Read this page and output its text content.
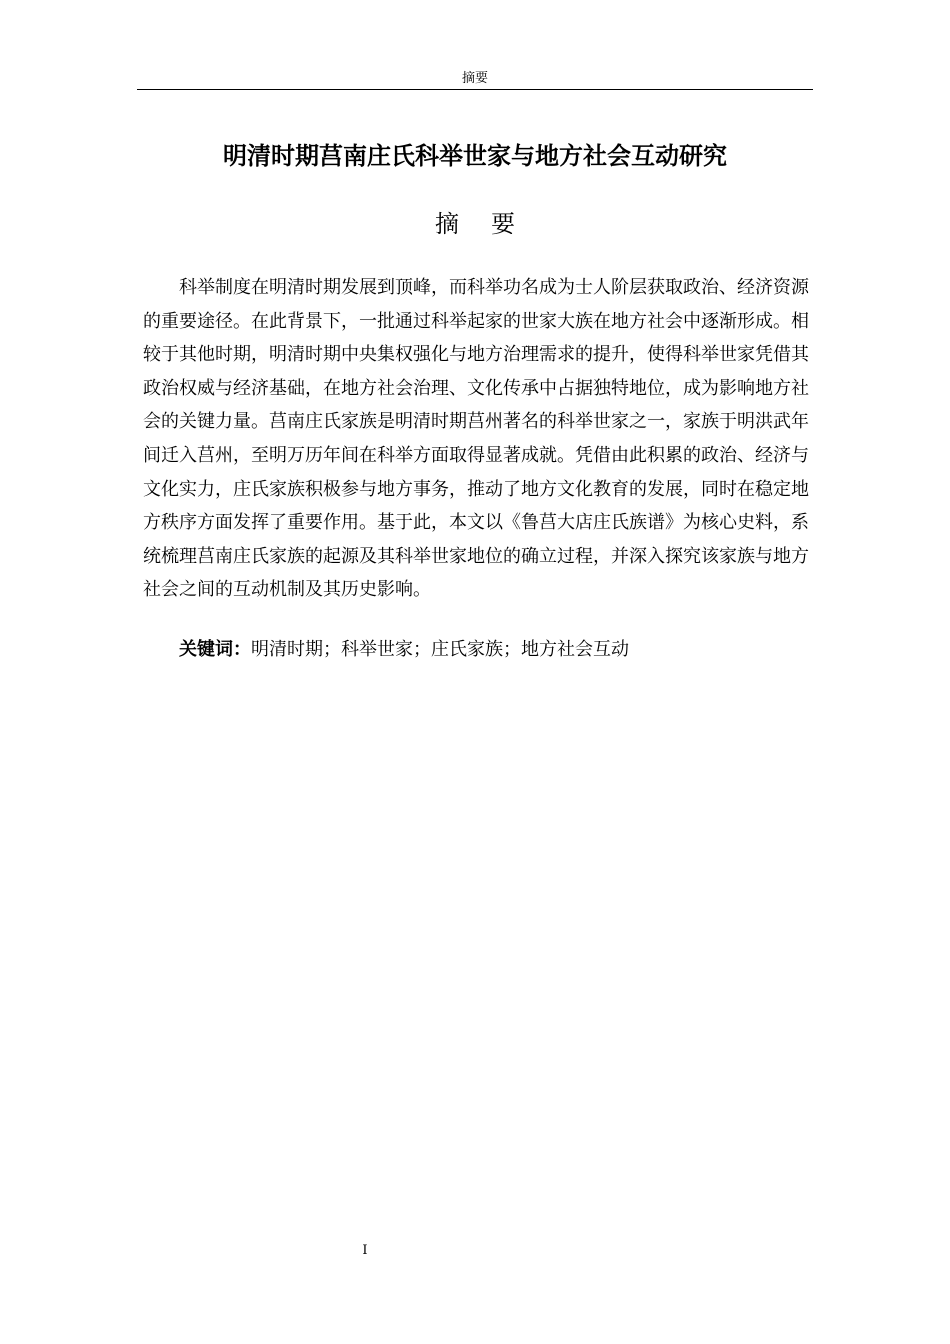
摘要
明清时期莒南庄氏科举世家与地方社会互动研究
摘 要
科举制度在明清时期发展到顶峰，而科举功名成为士人阶层获取政治、经济资源的重要途径。在此背景下，一批通过科举起家的世家大族在地方社会中逐渐形成。相较于其他时期，明清时期中央集权强化与地方治理需求的提升，使得科举世家凭借其政治权威与经济基础，在地方社会治理、文化传承中占据独特地位，成为影响地方社会的关键力量。莒南庄氏家族是明清时期莒州著名的科举世家之一，家族于明洪武年间迁入莒州，至明万历年间在科举方面取得显著成就。凭借由此积累的政治、经济与文化实力，庄氏家族积极参与地方事务，推动了地方文化教育的发展，同时在稳定地方秩序方面发挥了重要作用。基于此，本文以《鲁莒大店庄氏族谱》为核心史料，系统梳理莒南庄氏家族的起源及其科举世家地位的确立过程，并深入探究该家族与地方社会之间的互动机制及其历史影响。
关键词：明清时期；科举世家；庄氏家族；地方社会互动
I
